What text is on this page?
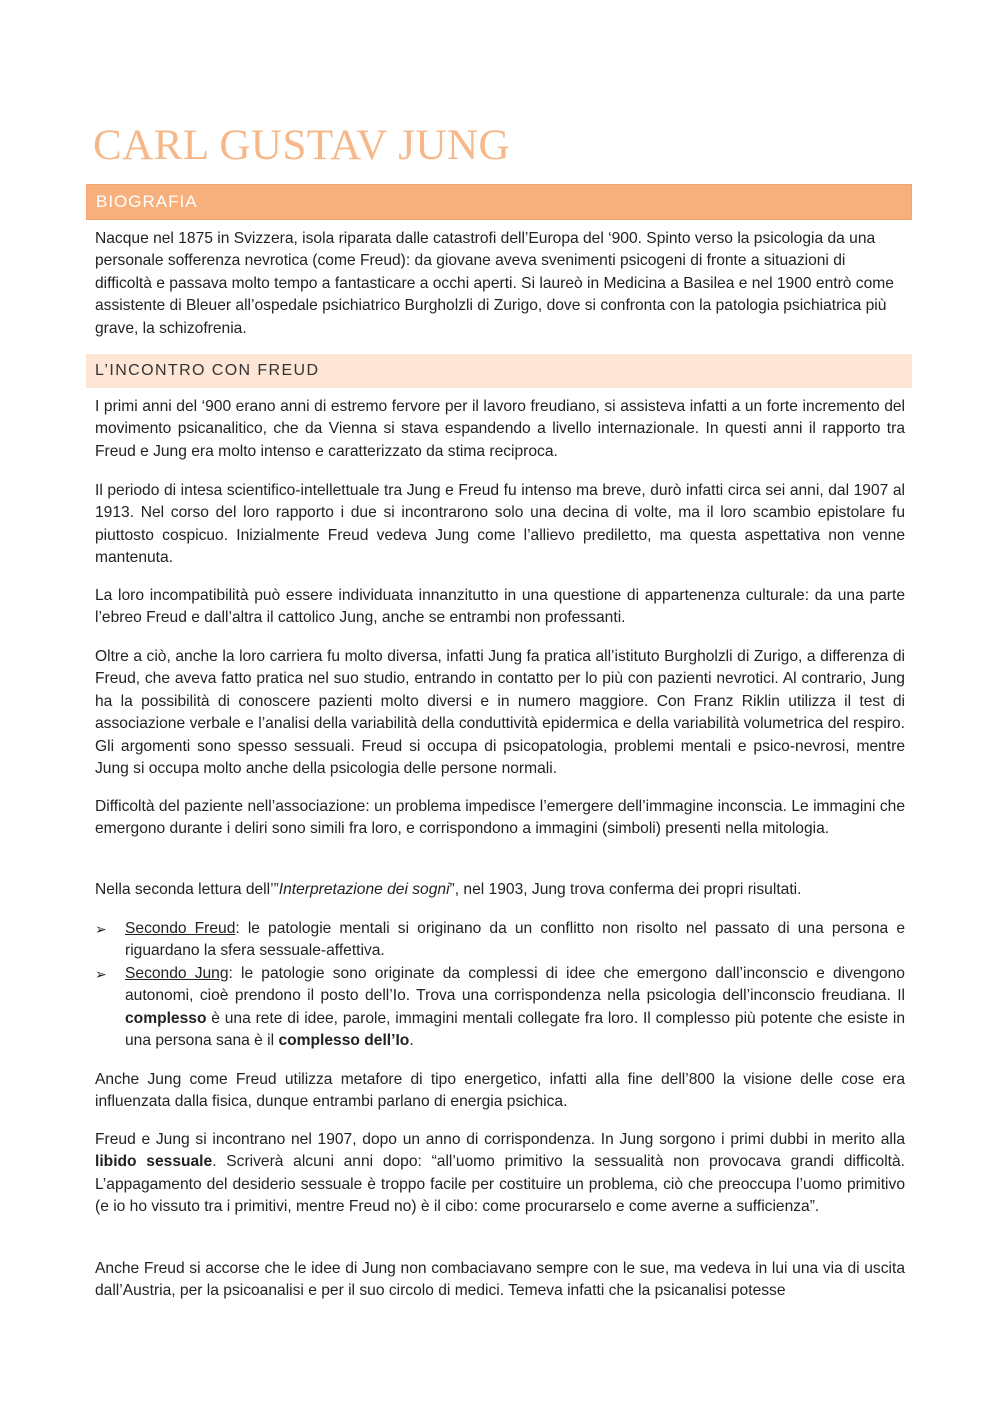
CARL GUSTAV JUNG
BIOGRAFIA

Nacque nel 1875 in Svizzera, isola riparata dalle catastrofi dell’Europa del ‘900. Spinto verso la psicologia da una personale sofferenza nevrotica (come Freud): da giovane aveva svenimenti psicogeni di fronte a situazioni di difficoltà e passava molto tempo a fantasticare a occhi aperti. Si laureò in Medicina a Basilea e nel 1900 entrò come assistente di Bleuer all’ospedale psichiatrico Burgholzli di Zurigo, dove si confronta con la patologia psichiatrica più grave, la schizofrenia.

L’INCONTRO CON FREUD

I primi anni del ‘900 erano anni di estremo fervore per il lavoro freudiano, si assisteva infatti a un forte incremento del movimento psicanalitico, che da Vienna si stava espandendo a livello internazionale. In questi anni il rapporto tra Freud e Jung era molto intenso e caratterizzato da stima reciproca.

Il periodo di intesa scientifico-intellettuale tra Jung e Freud fu intenso ma breve, durò infatti circa sei anni, dal 1907 al 1913. Nel corso del loro rapporto i due si incontrarono solo una decina di volte, ma il loro scambio epistolare fu piuttosto cospicuo. Inizialmente Freud vedeva Jung come l’allievo prediletto, ma questa aspettativa non venne mantenuta.

La loro incompatibilità può essere individuata innanzitutto in una questione di appartenenza culturale: da una parte l’ebreo Freud e dall’altra il cattolico Jung, anche se entrambi non professanti.

Oltre a ciò, anche la loro carriera fu molto diversa, infatti Jung fa pratica all’istituto Burgholzli di Zurigo, a differenza di Freud, che aveva fatto pratica nel suo studio, entrando in contatto per lo più con pazienti nevrotici. Al contrario, Jung ha la possibilità di conoscere pazienti molto diversi e in numero maggiore. Con Franz Riklin utilizza il test di associazione verbale e l’analisi della variabilità della conduttività epidermica e della variabilità volumetrica del respiro. Gli argomenti sono spesso sessuali. Freud si occupa di psicopatologia, problemi mentali e psico-nevrosi, mentre Jung si occupa molto anche della psicologia delle persone normali.

Difficoltà del paziente nell’associazione: un problema impedisce l’emergere dell’immagine inconscia. Le immagini che emergono durante i deliri sono simili fra loro, e corrispondono a immagini (simboli) presenti nella mitologia.

Nella seconda lettura dell’”Interpretazione dei sogni”, nel 1903, Jung trova conferma dei propri risultati.

➢ Secondo Freud: le patologie mentali si originano da un conflitto non risolto nel passato di una persona e riguardano la sfera sessuale-affettiva.
➢ Secondo Jung: le patologie sono originate da complessi di idee che emergono dall’inconscio e divengono autonomi, cioè prendono il posto dell’Io. Trova una corrispondenza nella psicologia dell’inconscio freudiana. Il complesso è una rete di idee, parole, immagini mentali collegate fra loro. Il complesso più potente che esiste in una persona sana è il complesso dell’Io.

Anche Jung come Freud utilizza metafore di tipo energetico, infatti alla fine dell’800 la visione delle cose era influenzata dalla fisica, dunque entrambi parlano di energia psichica.

Freud e Jung si incontrano nel 1907, dopo un anno di corrispondenza. In Jung sorgono i primi dubbi in merito alla libido sessuale. Scriverà alcuni anni dopo: “all’uomo primitivo la sessualità non provocava grandi difficoltà. L’appagamento del desiderio sessuale è troppo facile per costituire un problema, ciò che preoccupa l’uomo primitivo (e io ho vissuto tra i primitivi, mentre Freud no) è il cibo: come procurarselo e come averne a sufficienza”.

Anche Freud si accorse che le idee di Jung non combaciavano sempre con le sue, ma vedeva in lui una via di uscita dall’Austria, per la psicoanalisi e per il suo circolo di medici. Temeva infatti che la psicanalisi potesse
